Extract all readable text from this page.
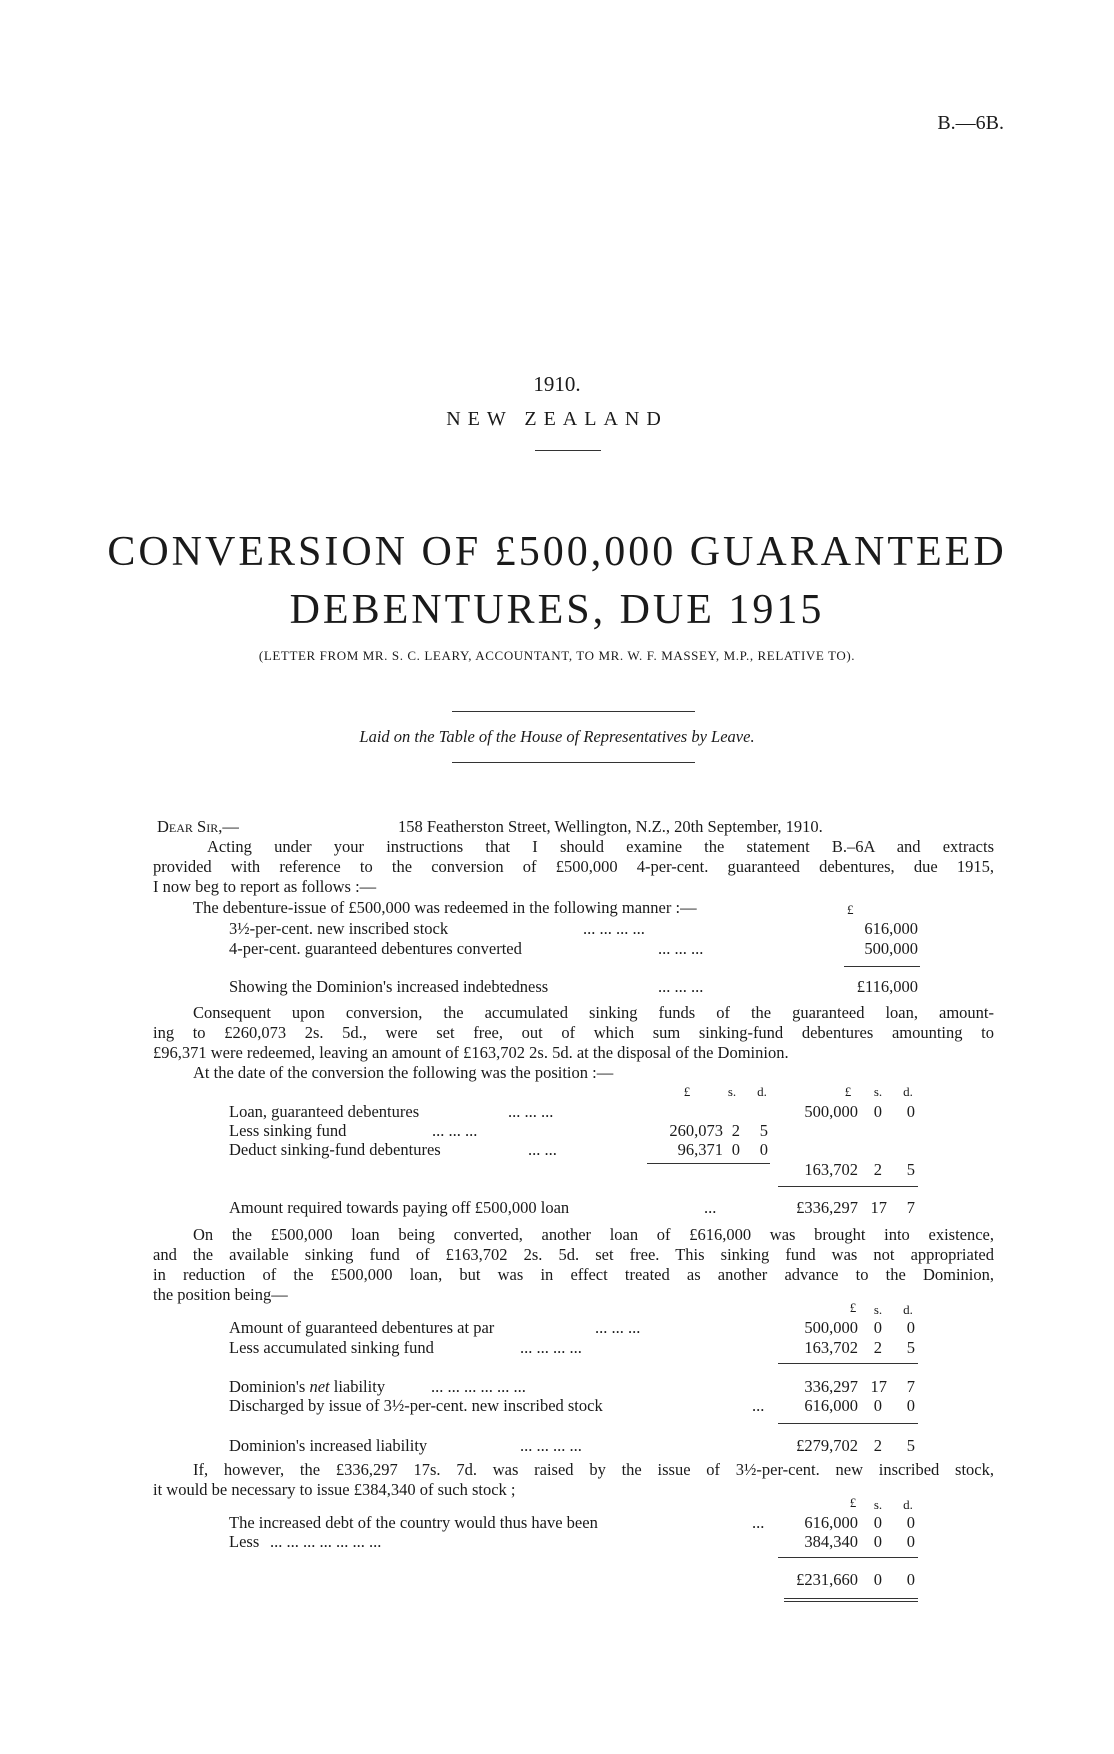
B.—6B.
1910.
NEW ZEALAND
CONVERSION OF £500,000 GUARANTEED
DEBENTURES, DUE 1915
(LETTER FROM MR. S. C. LEARY, ACCOUNTANT, TO MR. W. F. MASSEY, M.P., RELATIVE TO).
Laid on the Table of the House of Representatives by Leave.
Dear Sir,—	158 Featherston Street, Wellington, N.Z., 20th September, 1910.
Acting under your instructions that I should examine the statement B.–6A and extracts
provided with reference to the conversion of £500,000 4-per-cent. guaranteed debentures, due 1915,
I now beg to report as follows :—
The debenture-issue of £500,000 was redeemed in the following manner :—	£
3½-per-cent. new inscribed stock	... ... ... ...	616,000
4-per-cent. guaranteed debentures converted	... ... ...	500,000
Showing the Dominion's increased indebtedness	... ... ...	£116,000
Consequent upon conversion, the accumulated sinking funds of the guaranteed loan, amount-
ing to £260,073 2s. 5d., were set free, out of which sum sinking-fund debentures amounting to
£96,371 were redeemed, leaving an amount of £163,702 2s. 5d. at the disposal of the Dominion.
At the date of the conversion the following was the position :—
£	s.	d.	£	s.	d.
Loan, guaranteed debentures	... ... ...	500,000 0 0
Less sinking fund	... ... ...	260,073 2 5
Deduct sinking-fund debentures	... ...	96,371 0 0
163,702 2 5
Amount required towards paying off £500,000 loan	...	£336,297 17 7
On the £500,000 loan being converted, another loan of £616,000 was brought into existence,
and the available sinking fund of £163,702 2s. 5d. set free. This sinking fund was not appropriated
in reduction of the £500,000 loan, but was in effect treated as another advance to the Dominion,
the position being—
£	s.	d.
Amount of guaranteed debentures at par	... ... ...	500,000 0 0
Less accumulated sinking fund	... ... ... ...	163,702 2 5
Dominion's net liability	... ... ... ... ... ...	336,297 17 7
Discharged by issue of 3½-per-cent. new inscribed stock	... 616,000 0 0
Dominion's increased liability	... ... ... ...	£279,702 2 5
If, however, the £336,297 17s. 7d. was raised by the issue of 3½-per-cent. new inscribed stock,
it would be necessary to issue £384,340 of such stock ;
£	s.	d.
The increased debt of the country would thus have been	... 616,000 0 0
Less ... ... ... ... ... ... ...	384,340 0 0
£231,660 0 0
